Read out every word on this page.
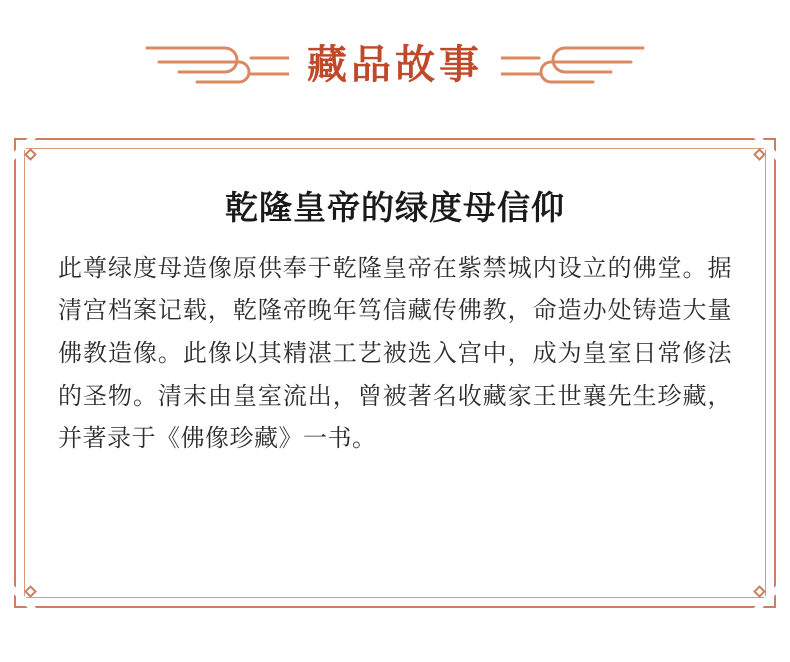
藏品故事
乾隆皇帝的绿度母信仰
此尊绿度母造像原供奉于乾隆皇帝在紫禁城内设立的佛堂。据清宫档案记载，乾隆帝晚年笃信藏传佛教，命造办处铸造大量佛教造像。此像以其精湛工艺被选入宫中，成为皇室日常修法的圣物。清末由皇室流出，曾被著名收藏家王世襄先生珍藏，并著录于《佛像珍藏》一书。
